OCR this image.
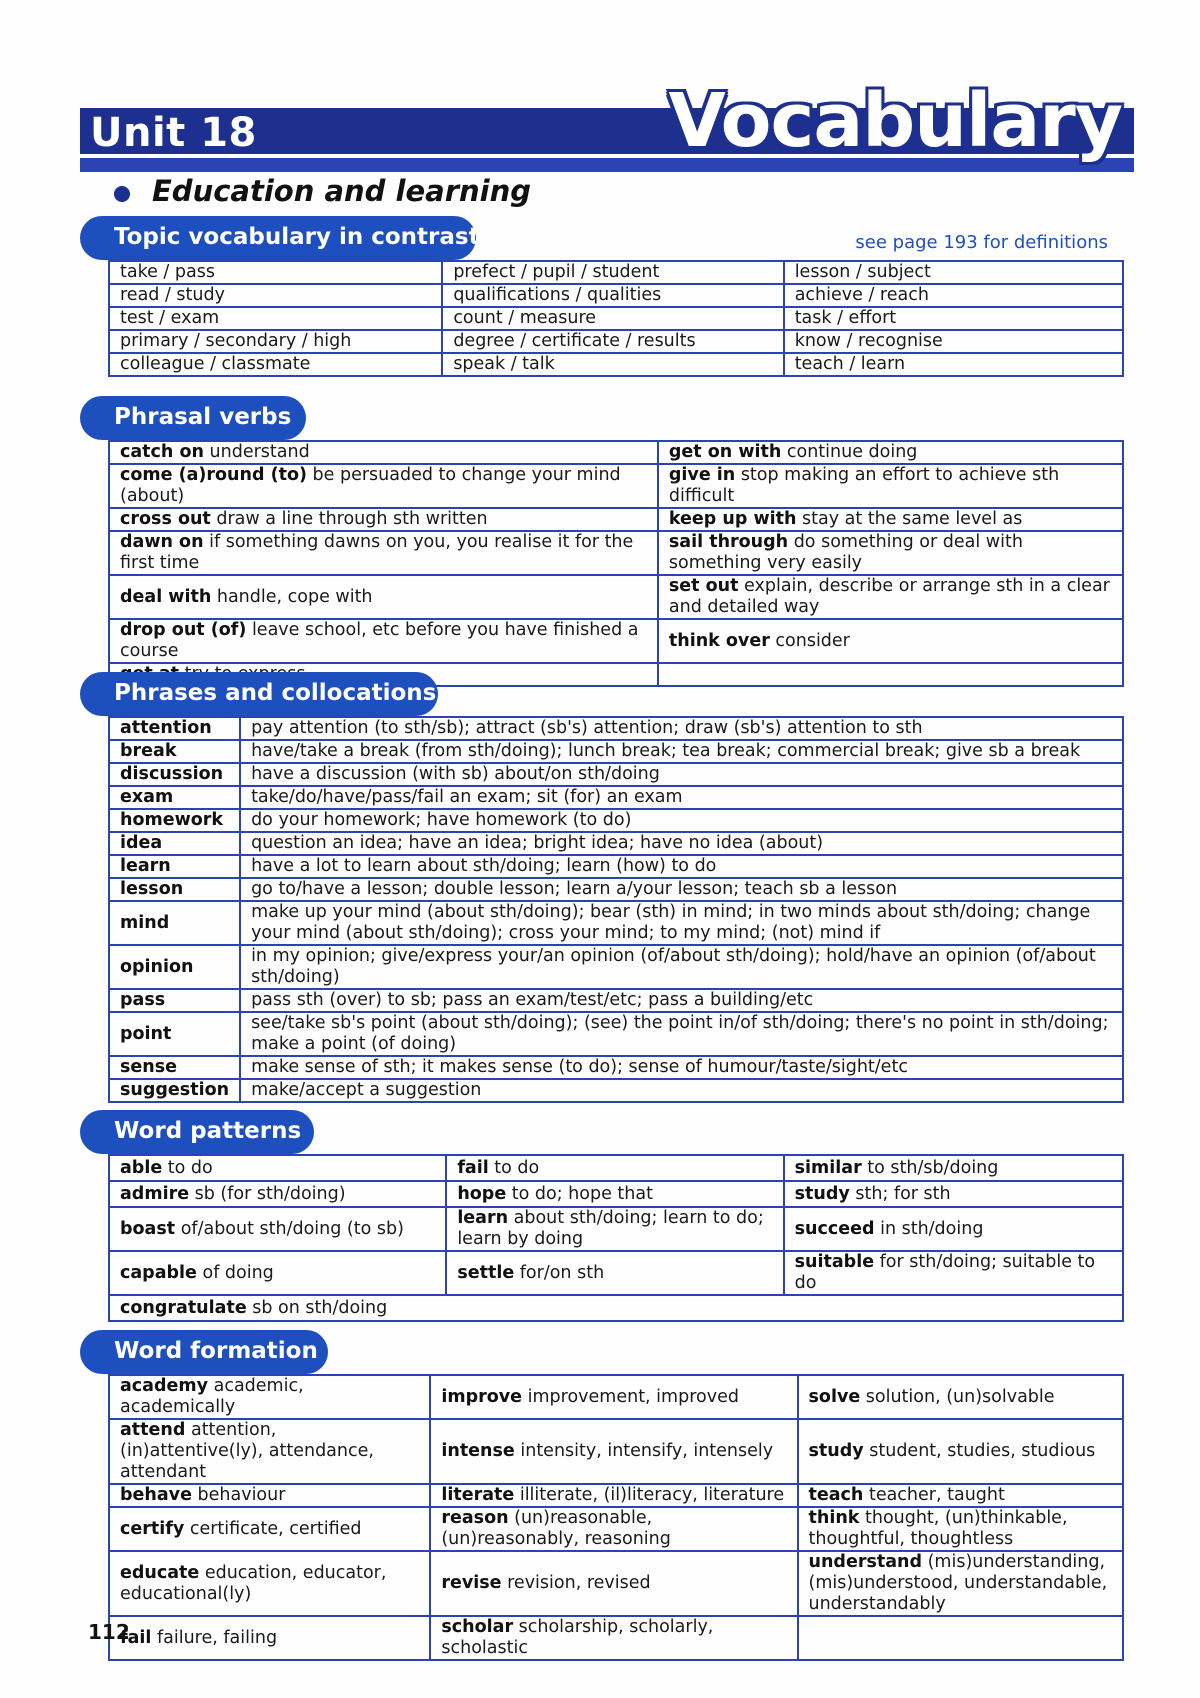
Unit 18	Vocabulary
Education and learning
Topic vocabulary in contrast	see page 193 for definitions
take / pass	prefect / pupil / student	lesson / subject
read / study	qualifications / qualities	achieve / reach
test / exam	count / measure	task / effort
primary / secondary / high	degree / certificate / results	know / recognise
colleague / classmate	speak / talk	teach / learn
Phrasal verbs
catch on understand	get on with continue doing
come (a)round (to) be persuaded to change your mind (about)	give in stop making an effort to achieve sth difficult
cross out draw a line through sth written	keep up with stay at the same level as
dawn on if something dawns on you, you realise it for the first time	sail through do something or deal with something very easily
deal with handle, cope with	set out explain, describe or arrange sth in a clear and detailed way
drop out (of) leave school, etc before you have finished a course	think over consider

Phrases and collocations
attention	pay attention (to sth/sb); attract (sb's) attention; draw (sb's) attention to sth
break	have/take a break (from sth/doing); lunch break; tea break; commercial break; give sb a break
discussion	have a discussion (with sb) about/on sth/doing
exam	take/do/have/pass/fail an exam; sit (for) an exam
homework	do your homework; have homework (to do)
idea	question an idea; have an idea; bright idea; have no idea (about)
learn	have a lot to learn about sth/doing; learn (how) to do
lesson	go to/have a lesson; double lesson; learn a/your lesson; teach sb a lesson
mind	make up your mind (about sth/doing); bear (sth) in mind; in two minds about sth/doing; change your mind (about sth/doing); cross your mind; to my mind; (not) mind if
opinion	in my opinion; give/express your/an opinion (of/about sth/doing); hold/have an opinion (of/about sth/doing)
pass	pass sth (over) to sb; pass an exam/test/etc; pass a building/etc
point	see/take sb's point (about sth/doing); (see) the point in/of sth/doing; there's no point in sth/doing; make a point (of doing)
sense	make sense of sth; it makes sense (to do); sense of humour/taste/sight/etc
suggestion	make/accept a suggestion
Word patterns
able to do	fail to do	similar to sth/sb/doing
admire sb (for sth/doing)	hope to do; hope that	study sth; for sth
boast of/about sth/doing (to sb)	learn about sth/doing; learn to do; learn by doing	succeed in sth/doing
capable of doing	settle for/on sth	suitable for sth/doing; suitable to do
congratulate sb on sth/doing		
Word formation
academy academic, academically	improve improvement, improved	solve solution, (un)solvable
attend attention, (in)attentive(ly), attendance, attendant	intense intensity, intensify, intensely	study student, studies, studious
behave behaviour	literate illiterate, (il)literacy, literature	teach teacher, taught
certify certificate, certified	reason (un)reasonable, (un)reasonably, reasoning	think thought, (un)thinkable, thoughtful, thoughtless
educate education, educator, educational(ly)	revise revision, revised	understand (mis)understanding, (mis)understood, understandable, understandably
fail failure, failing	scholar scholarship, scholarly, scholastic	
112
